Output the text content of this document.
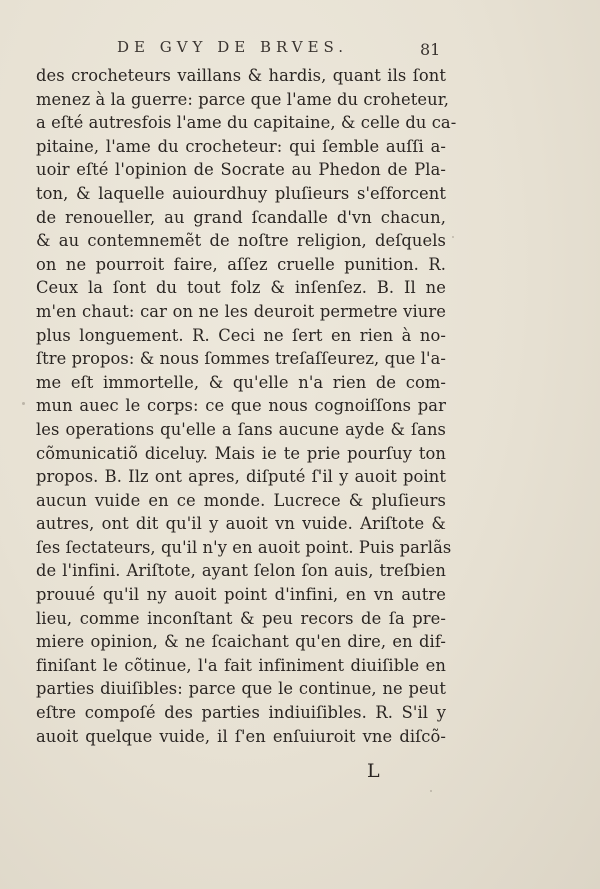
DE GVY DE BRVES.	81
des crocheteurs vaillans & hardis, quant ils ſont
menez à la guerre: parce que l'ame du croheteur,
a eſté autresfois l'ame du capitaine, & celle du ca-
pitaine, l'ame du crocheteur: qui ſemble auſſi a-
uoir eſté l'opinion de Socrate au Phedon de Pla-
ton, & laquelle auiourdhuy pluſieurs s'eſforcent
de renoueller, au grand ſcandalle d'vn chacun,
& au contemnemẽt de noſtre religion, deſquels
on ne pourroit faire, aſſez cruelle punition. R.
Ceux la ſont du tout folz & inſenſez. B. Il ne
m'en chaut: car on ne les deuroit permetre viure
plus longuement. R. Ceci ne ſert en rien à no-
ſtre propos: & nous ſommes treſaſſeurez, que l'a-
me eſt immortelle, & qu'elle n'a rien de com-
mun auec le corps: ce que nous cognoiſſons par
les operations qu'elle a ſans aucune ayde & ſans
cõmunicatiõ diceluy. Mais ie te prie pourſuy ton
propos. B. Ilz ont apres, diſputé ſ'il y auoit point
aucun vuide en ce monde. Lucrece & pluſieurs
autres, ont dit qu'il y auoit vn vuide. Ariſtote &
ſes ſectateurs, qu'il n'y en auoit point. Puis parlãs
de l'infini. Ariſtote, ayant ſelon ſon auis, treſbien
prouué qu'il ny auoit point d'infini, en vn autre
lieu, comme inconſtant & peu recors de ſa pre-
miere opinion, & ne ſcaichant qu'en dire, en dif-
finiſant le cõtinue, l'a fait infiniment diuiſible en
parties diuiſibles: parce que le continue, ne peut
eſtre compoſé des parties indiuiſibles. R. S'il y
auoit quelque vuide, il ſ'en enſuiuroit vne diſcõ-
L
